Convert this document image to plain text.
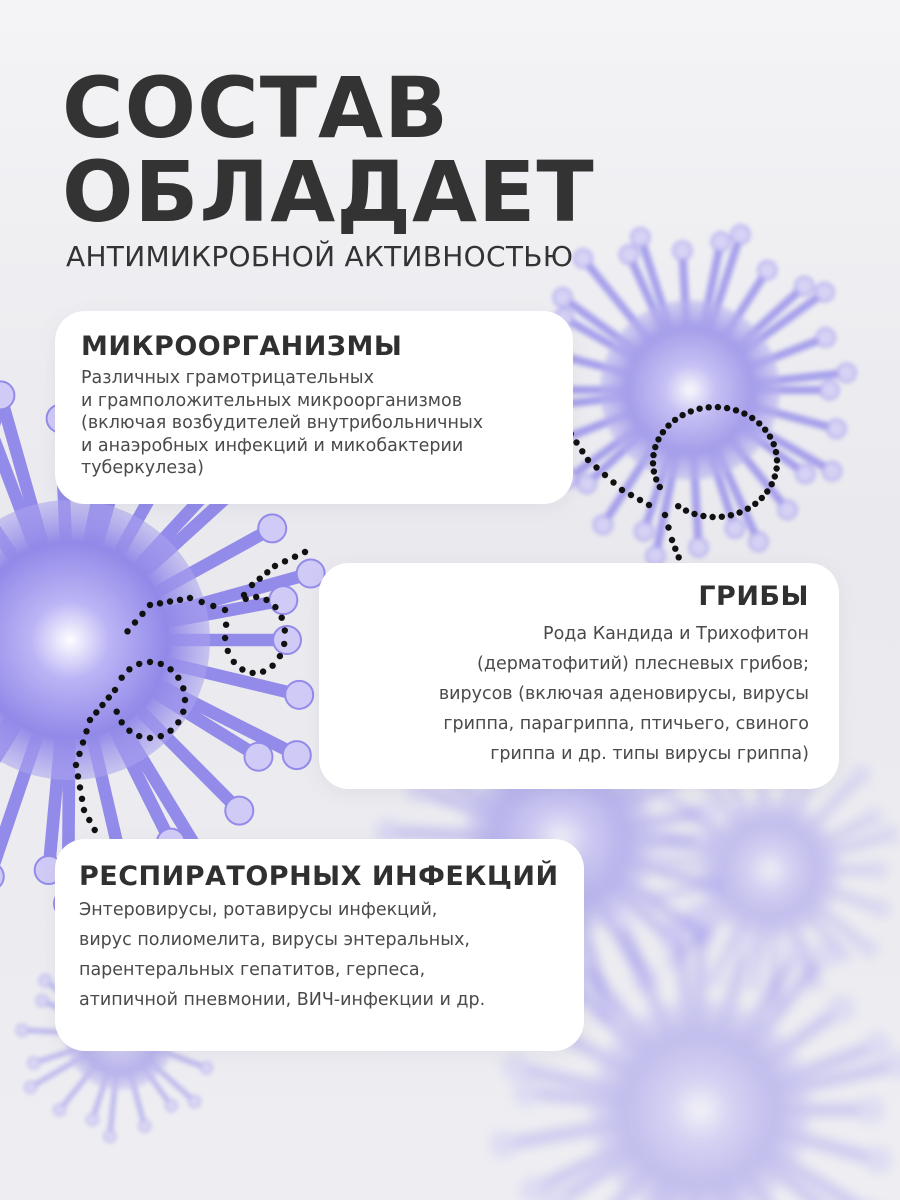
СОСТАВ
ОБЛАДАЕТ
АНТИМИКРОБНОЙ АКТИВНОСТЬЮ
МИКРООРГАНИЗМЫ

Различных грамотрицательных
и грамположительных микроорганизмов
(включая возбудителей внутрибольничных
и анаэробных инфекций и микобактерии
туберкулеза)

ГРИБЫ

Рода Кандида и Трихофитон
(дерматофитий) плесневых грибов;
вирусов (включая аденовирусы, вирусы
гриппа, парагриппа, птичьего, свиного
гриппа и др. типы вирусы гриппа)

РЕСПИРАТОРНЫХ ИНФЕКЦИЙ

Энтеровирусы, ротавирусы инфекций,
вирус полиомелита, вирусы энтеральных,
парентеральных гепатитов, герпеса,
атипичной пневмонии, ВИЧ-инфекции и др.
